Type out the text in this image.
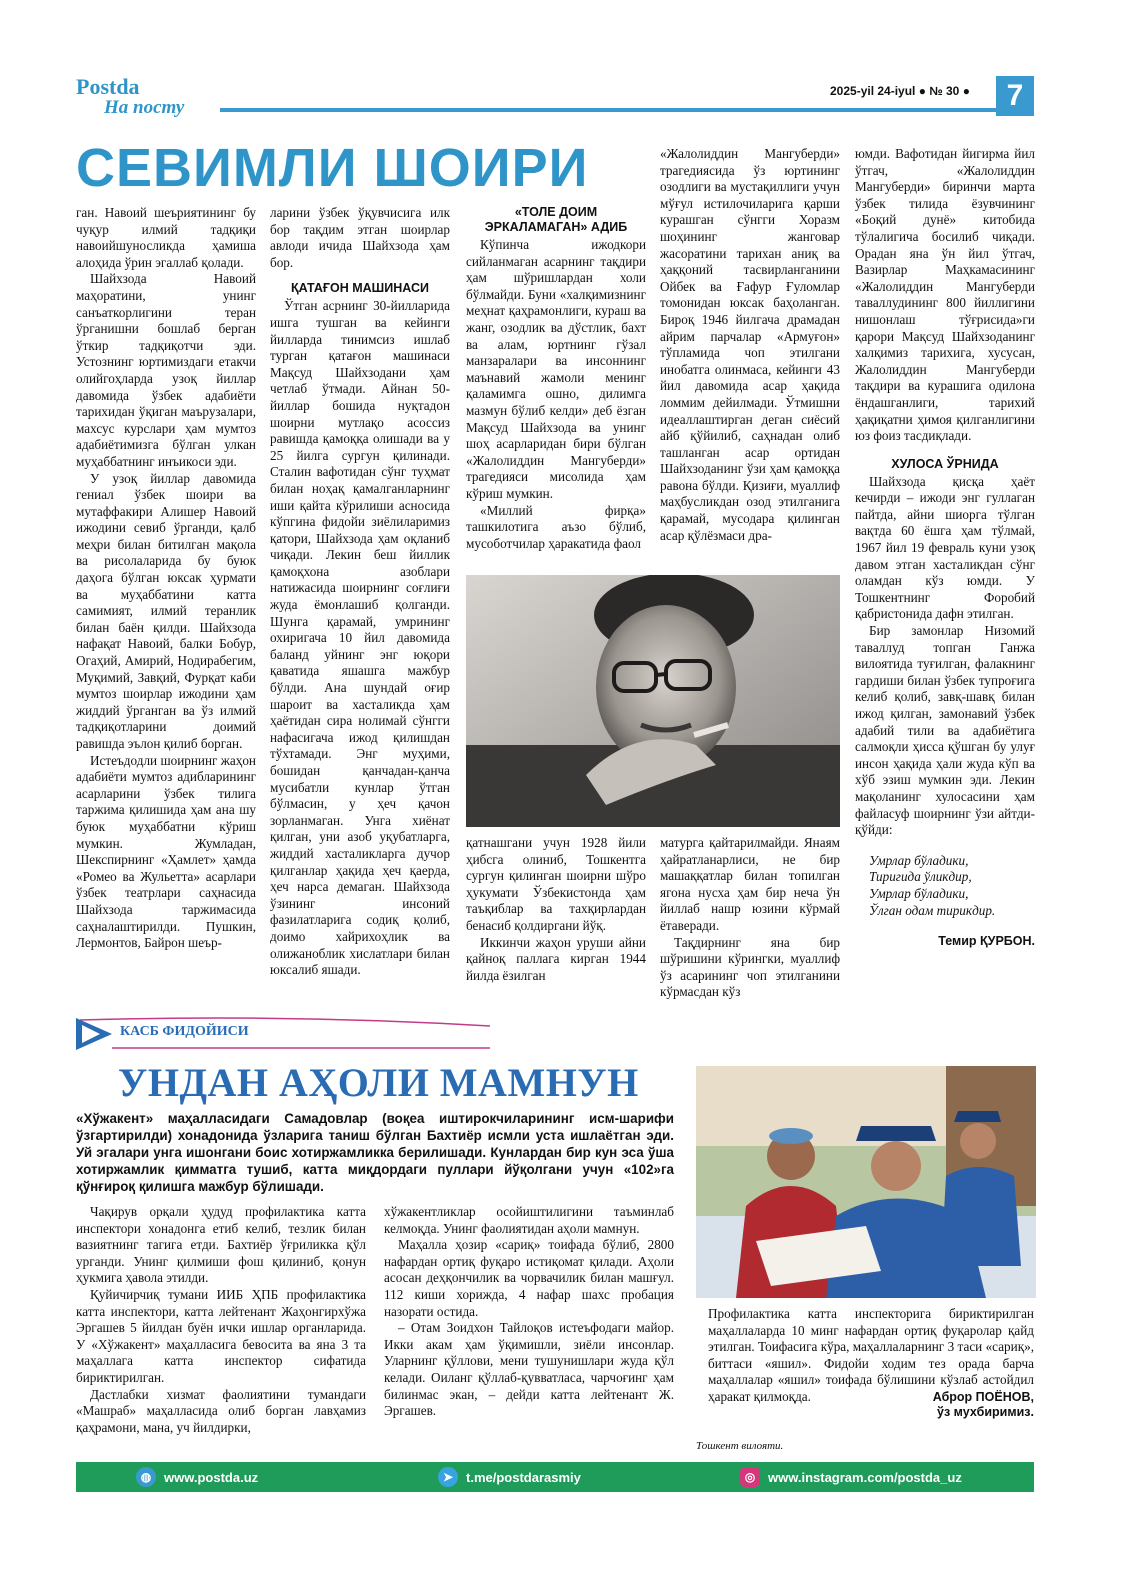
Postda
На посту
2025-yil 24-iyul ● № 30 ●	7
СЕВИМЛИ ШОИРИ

ган. Навоий шеъриятининг бу чуқур илмий тадқиқи навоийшуносликда ҳамиша алоҳида ўрин эгаллаб қолади.

Шайхзода Навоий маҳоратини, унинг санъаткорлигини теран ўрганишни бошлаб берган ўткир тадқиқотчи эди. Устознинг юртимиздаги етакчи олийгоҳларда узоқ йиллар давомида ўзбек адабиёти тарихидан ўқиган маърузалари, махсус курслари ҳам мумтоз адабиётимизга бўлган улкан муҳаббатнинг инъикоси эди.

У узоқ йиллар давомида гениал ўзбек шоири ва мутаффакири Алишер Навоий ижодини севиб ўрганди, қалб меҳри билан битилган мақола ва рисолаларида бу буюк даҳога бўлган юксак ҳурмати ва муҳаббатини катта самимият, илмий теранлик билан баён қилди. Шайхзода нафақат Навоий, балки Бобур, Огаҳий, Амирий, Нодирабегим, Муқимий, Завқий, Фурқат каби мумтоз шоирлар ижодини ҳам жиддий ўрганган ва ўз илмий тадқиқотларини доимий равишда эълон қилиб борган.

Истеъдодли шоирнинг жаҳон адабиёти мумтоз адибларининг асарларини ўзбек тилига таржима қилишида ҳам ана шу буюк муҳаббатни кўриш мумкин. Жумладан, Шекспирнинг «Ҳамлет» ҳамда «Ромео ва Жульетта» асарлари ўзбек театрлари саҳнасида Шайхзода таржимасида саҳналаштирилди. Пушкин, Лермонтов, Байрон шеър-

ларини ўзбек ўқувчисига илк бор тақдим этган шоирлар авлоди ичида Шайхзода ҳам бор.

ҚАТАҒОН МАШИНАСИ

Ўтган асрнинг 30-йилларида ишга тушган ва кейинги йилларда тинимсиз ишлаб турган қатағон машинаси Мақсуд Шайхзодани ҳам четлаб ўтмади. Айнан 50-йиллар бошида нуқтадон шоирни мутлақо асоссиз равишда қамоққа олишади ва у 25 йилга сургун қилинади. Сталин вафотидан сўнг туҳмат билан ноҳақ қамалганларнинг иши қайта кўрилиши асносида кўпгина фидойи зиёлиларимиз қатори, Шайхзода ҳам оқланиб чиқади. Лекин беш йиллик қамоқхона азоблари натижасида шоирнинг соғлиғи жуда ёмонлашиб қолганди. Шунга қарамай, умрининг охиригача 10 йил давомида баланд уйнинг энг юқори қаватида яшашга мажбур бўлди. Ана шундай оғир шароит ва хасталикда ҳам ҳаётидан сира нолимай сўнгги нафасигача ижод қилишдан тўхтамади. Энг муҳими, бошидан қанчадан-қанча мусибатли кунлар ўтган бўлмасин, у ҳеч қачон зорланмаган. Унга хиёнат қилган, уни азоб уқубатларга, жиддий хасталикларга дучор қилганлар ҳақида ҳеч қаерда, ҳеч нарса демаган. Шайхзода ўзининг инсоний фазилатларига содиқ қолиб, доимо хайрихоҳлик ва олижанoблик хислатлари билан юксалиб яшади.

«ТОЛЕ ДОИМ ЭРКАЛАМАГАН» АДИБ

Кўпинча ижодкори сийланмаган асарнинг тақдири ҳам шўришлардан холи бўлмайди. Буни «халқимизнинг меҳнат қаҳрамонлиги, кураш ва жанг, озодлик ва дўстлик, бахт ва алам, юртнинг гўзал манзаралари ва инсоннинг маънавий жамоли менинг қаламимга ошно, дилимга мазмун бўлиб келди» деб ёзган Мақсуд Шайхзода ва унинг шоҳ асарларидан бири бўлган «Жалолиддин Мангуберди» трагедияси мисолида ҳам кўриш мумкин.

«Миллий фирқа» ташкилотига аъзо бўлиб, мусоботчилар ҳаракатида фаол

«Жалолиддин Мангуберди» трагедиясида ўз юртининг озодлиги ва мустақиллиги учун мўғул истилочиларига қарши курашган сўнгги Хоразм шоҳининг жанговар жасоратини тарихан аниқ ва ҳаққоний тасвирланганини Ойбек ва Ғафур Ғуломлар томонидан юксак баҳоланган. Бироқ 1946 йилгача драмадан айрим парчалар «Армуғон» тўпламида чоп этилгани инобатга олинмаса, кейинги 43 йил давомида асар ҳақида ломмим дейилмади. Ўтмишни идеаллаштирган деган сиёсий айб қўйилиб, саҳнадан олиб ташланган асар ортидан Шайхзоданинг ўзи ҳам қамоққа равона бўлди. Қизиғи, муаллиф маҳбусликдан озод этилганига қарамай, мусодара қилинган асар қўлёзмаси дра-

юмди. Вафотидан йигирма йил ўтгач, «Жалолиддин Мангуберди» биринчи марта ўзбек тилида ёзувчининг «Боқий дунё» китобида тўлалигича босилиб чиқади. Орадан яна ўн йил ўтгач, Вазирлар Маҳкамасининг «Жалолиддин Мангуберди таваллудининг 800 йиллигини нишонлаш тўғрисида»ги қарори Мақсуд Шайхзоданинг халқимиз тарихига, хусусан, Жалолиддин Мангуберди тақдири ва курашига одилона ёндашганлиги, тарихий ҳақиқатни ҳимоя қилганлигини юз фоиз тасдиқлади.

ХУЛОСА ЎРНИДА

Шайхзода қисқа ҳаёт кечирди – ижоди энг гуллаган пайтда, айни шиорга тўлган вақтда 60 ёшга ҳам тўлмай, 1967 йил 19 февраль куни узоқ давом этган хасталикдан сўнг оламдан кўз юмди. У Тошкентнинг Форобий қабристонида дафн этилган.

Бир замонлар Низомий таваллуд топган Ганжа вилоятида туғилган, фалакнинг гардиши билан ўзбек тупроғига келиб қолиб, завқ-шавқ билан ижод қилган, замонавий ўзбек адабий тили ва адабиётига салмоқли ҳисса қўшган бу улуғ инсон ҳақида ҳали жуда кўп ва хўб эзиш мумкин эди. Лекин мақоланинг хулосасини ҳам файласуф шоирнинг ўзи айтди-қўйди:

Умрлар бўладики,
Тиригида ўликдир,
Умрлар бўладики,
Ўлган одам тирикдир.
Темир ҚУРБОН.

қатнашгани учун 1928 йили ҳибсга олиниб, Тошкентга сургун қилинган шоирни шўро ҳукумати Ўзбекистонда ҳам таъқиблар ва тахқирлардан бенасиб қолдиргани йўқ.

Иккинчи жаҳон уруши айни қайноқ паллага кирган 1944 йилда ёзилган

матурга қайтарилмайди. Янаям ҳайратланарлиси, не бир машаққатлар билан топилган ягона нусха ҳам бир неча ўн йиллаб нашр юзини кўрмай ётаверади.

Тақдирнинг яна бир шўришини кўрингки, муаллиф ўз асарининг чоп этилганини кўрмасдан кўз

КАСБ ФИДОЙИСИ
УНДАН АҲОЛИ МАМНУН
«Хўжакент» маҳалласидаги Самадовлар (воқеа иштирокчиларининг исм-шарифи ўзгартирилди) хонадонида ўзларига таниш бўлган Бахтиёр исмли уста ишлаётган эди. Уй эгалари унга ишонгани боис хотиржамликка берилишади. Кунлардан бир кун эса ўша хотиржамлик қимматга тушиб, катта миқдордаги пуллари йўқолгани учун «102»га қўнғироқ қилишга мажбур бўлишади.

Чақирув орқали ҳудуд профилактика катта инспектори хонадонга етиб келиб, тезлик билан вазиятнинг тагига етди. Бахтиёр ўғриликка қўл урганди. Унинг қилмиши фош қилиниб, қонун ҳукмига ҳавола этилди.

Қуйичирчиқ тумани ИИБ ҲПБ профилактика катта инспектори, катта лейтенант Жаҳонгирхўжа Эргашев 5 йилдан буён ички ишлар органларида. У «Хўжакент» маҳалласига бевосита ва яна 3 та маҳаллага катта инспектор сифатида бириктирилган.

Дастлабки хизмат фаолиятини тумандаги «Машраб» маҳалласида олиб борган лавҳамиз қаҳрамони, мана, уч йилдирки,

хўжакентликлар осойиштилигини таъминлаб келмоқда. Унинг фаолиятидан аҳоли мамнун.

Маҳалла ҳозир «сариқ» тоифада бўлиб, 2800 нафардан ортиқ фуқаро истиқомат қилади. Аҳоли асосан деҳқончилик ва чорвачилик билан машғул. 112 киши хорижда, 4 нафар шахс пробация назорати остида.

– Отам Зоидхон Тайлоқов истеъфодаги майор. Икки акам ҳам ўқимишли, зиёли инсонлар. Уларнинг қўллови, мени тушунишлари жуда қўл келади. Оиланг қўллаб-қувватласа, чарчоғинг ҳам билинмас экан, – дейди катта лейтенант Ж. Эргашев.

Профилактика катта инспекторига бириктирилган маҳаллаларда 10 минг нафардан ортиқ фуқаролар қайд этилган. Тоифасига кўра, маҳаллаларнинг 3 таси «сариқ», биттаси «яшил». Фидойи ходим тез орада барча маҳаллалар «яшил» тоифада бўлишини кўзлаб астойдил ҳаракат қилмоқда.	Аброр ПОЁНОВ,
ўз мухбиримиз.
Тошкент вилояти.
◍ www.postda.uz	➤ t.me/postdarasmiy	◎ www.instagram.com/postda_uz
